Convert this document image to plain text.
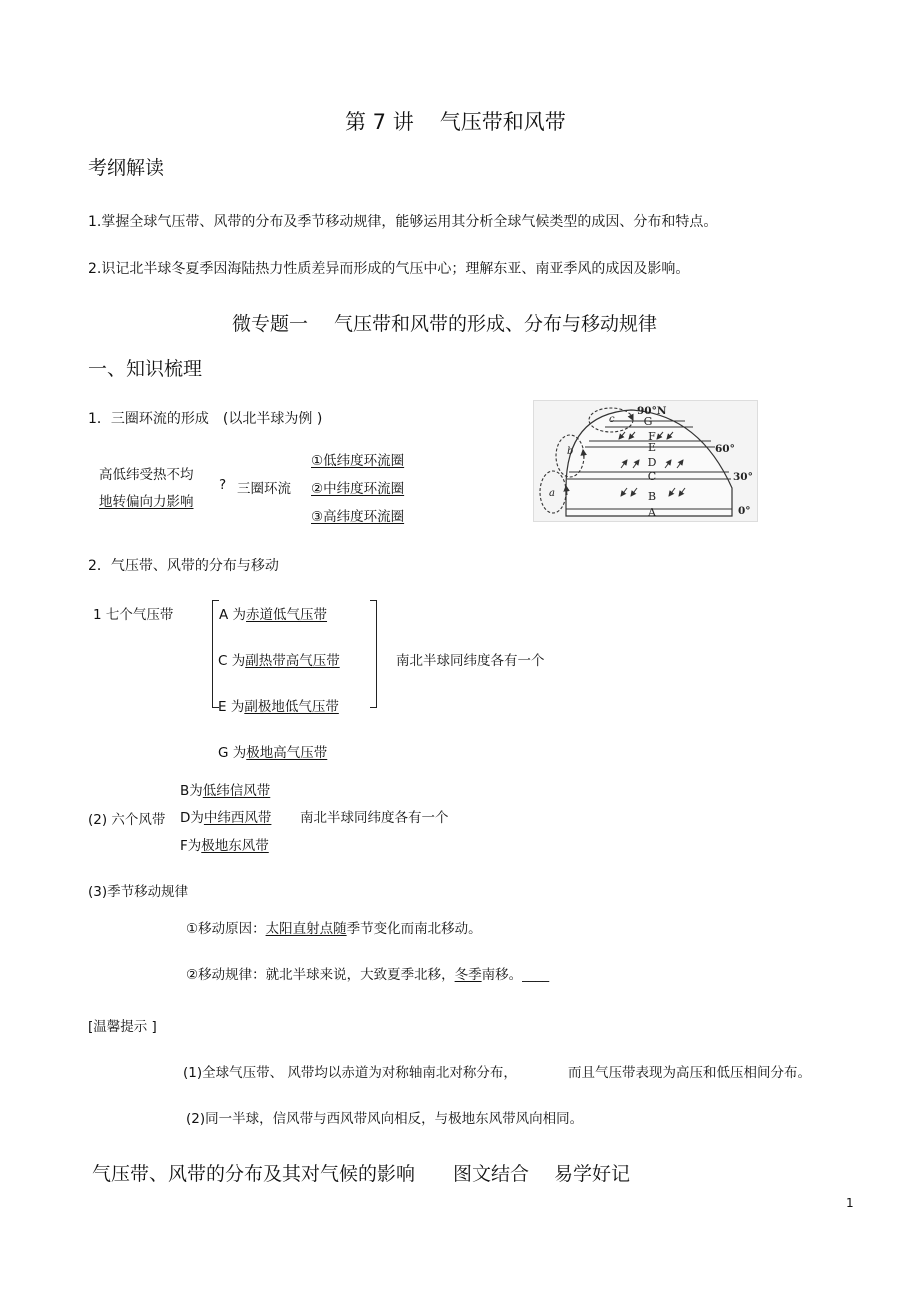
第 7 讲 气压带和风带
考纲解读
1.掌握全球气压带、风带的分布及季节移动规律，能够运用其分析全球气候类型的成因、分布和特点。
2.识记北半球冬夏季因海陆热力性质差异而形成的气压中心；理解东亚、南亚季风的成因及影响。
微专题一 气压带和风带的形成、分布与移动规律
一、知识梳理
1．三圈环流的形成 (以北半球为例 )
高低纬受热不均
地转偏向力影响
? 三圈环流
①低纬度环流圈
②中纬度环流圈
③高纬度环流圈
G
F
E
D
C
B
A
90°N
60°
30°
0°
a
b
c
2．气压带、风带的分布与移动
1 七个气压带	A 为赤道低气压带
C 为副热带高气压带
E 为副极地低气压带
南北半球同纬度各有一个
G 为极地高气压带
B为低纬信风带
(2) 六个风带 D为中纬西风带 南北半球同纬度各有一个
F为极地东风带
(3)季节移动规律
①移动原因：太阳直射点随季节变化而南北移动。
②移动规律：就北半球来说，大致夏季北移，冬季南移。____
[温馨提示 ]
(1)全球气压带、 风带均以赤道为对称轴南北对称分布，	而且气压带表现为高压和低压相间分布。
(2)同一半球，信风带与西风带风向相反，与极地东风带风向相同。
气压带、风带的分布及其对气候的影响　　图文结合　 易学好记
1
